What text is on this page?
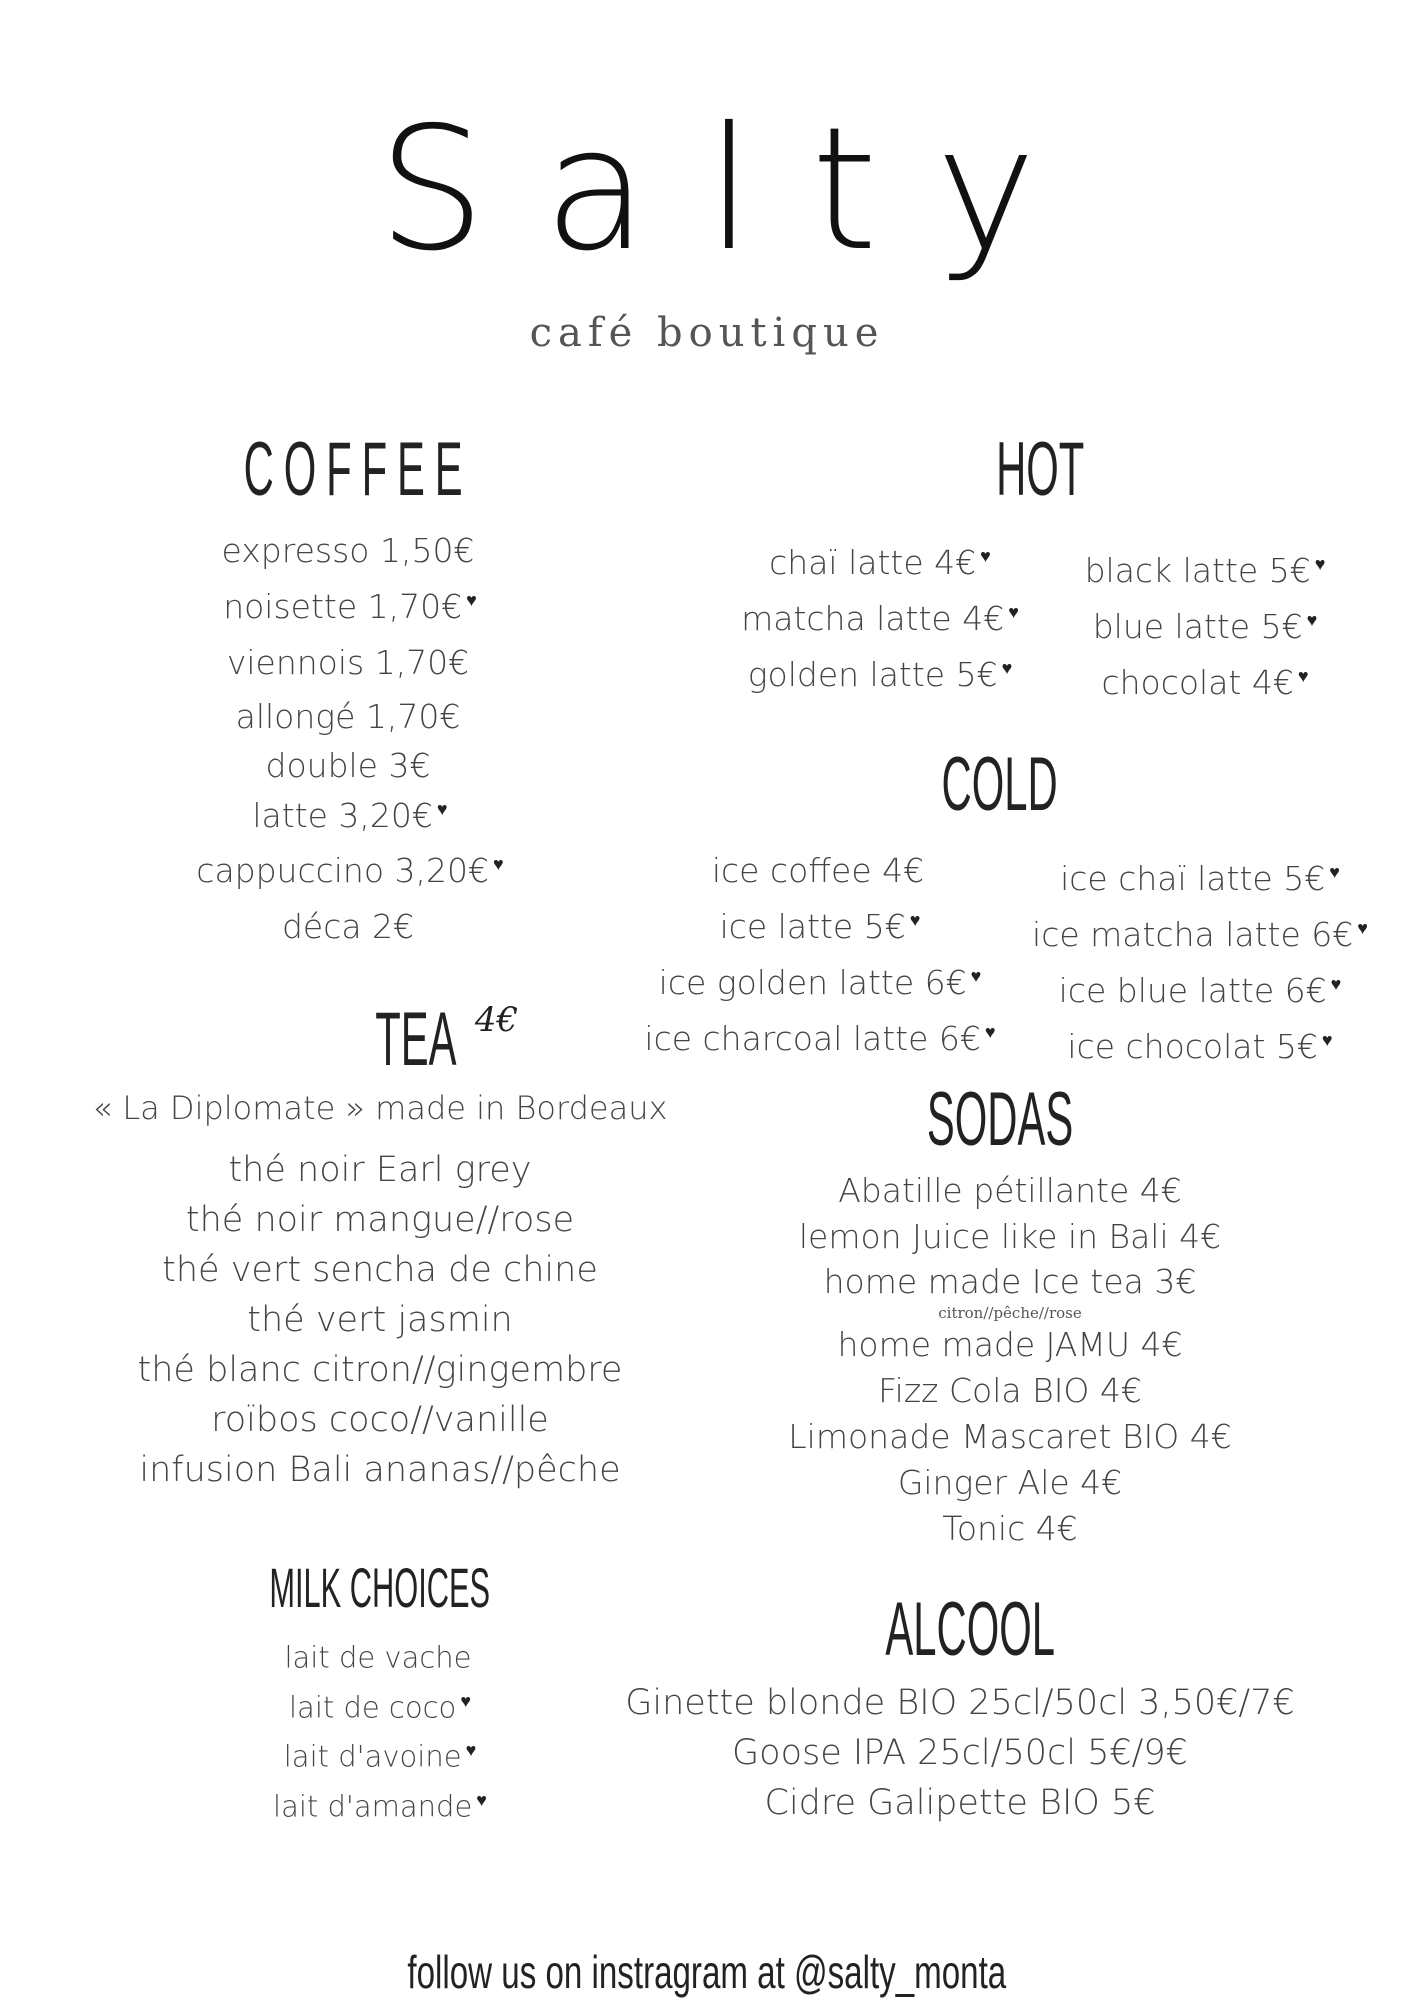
Salty
café boutique
COFFEE
expresso 1,50€
noisette 1,70€ ♥
viennois 1,70€
allongé 1,70€
double 3€
latte 3,20€ ♥
cappuccino 3,20€ ♥
déca 2€
HOT
chaï latte 4€ ♥
matcha latte 4€ ♥
golden latte 5€ ♥
black latte 5€ ♥
blue latte 5€ ♥
chocolat 4€ ♥
COLD
ice coffee 4€
ice latte 5€ ♥
ice golden latte 6€ ♥
ice charcoal latte 6€ ♥
ice chaï latte 5€ ♥
ice matcha latte 6€ ♥
ice blue latte 6€ ♥
ice chocolat 5€ ♥
TEA 4€
« La Diplomate » made in Bordeaux
thé noir Earl grey
thé noir mangue//rose
thé vert sencha de chine
thé vert jasmin
thé blanc citron//gingembre
roïbos coco//vanille
infusion Bali ananas//pêche
SODAS
Abatille pétillante 4€
lemon Juice like in Bali 4€
home made Ice tea 3€
citron//pêche//rose
home made JAMU 4€
Fizz Cola BIO 4€
Limonade Mascaret BIO 4€
Ginger Ale 4€
Tonic 4€
MILK CHOICES
lait de vache
lait de coco ♥
lait d'avoine ♥
lait d'amande ♥
ALCOOL
Ginette blonde BIO 25cl/50cl 3,50€/7€
Goose IPA 25cl/50cl 5€/9€
Cidre Galipette BIO 5€
follow us on instragram at @salty_monta
